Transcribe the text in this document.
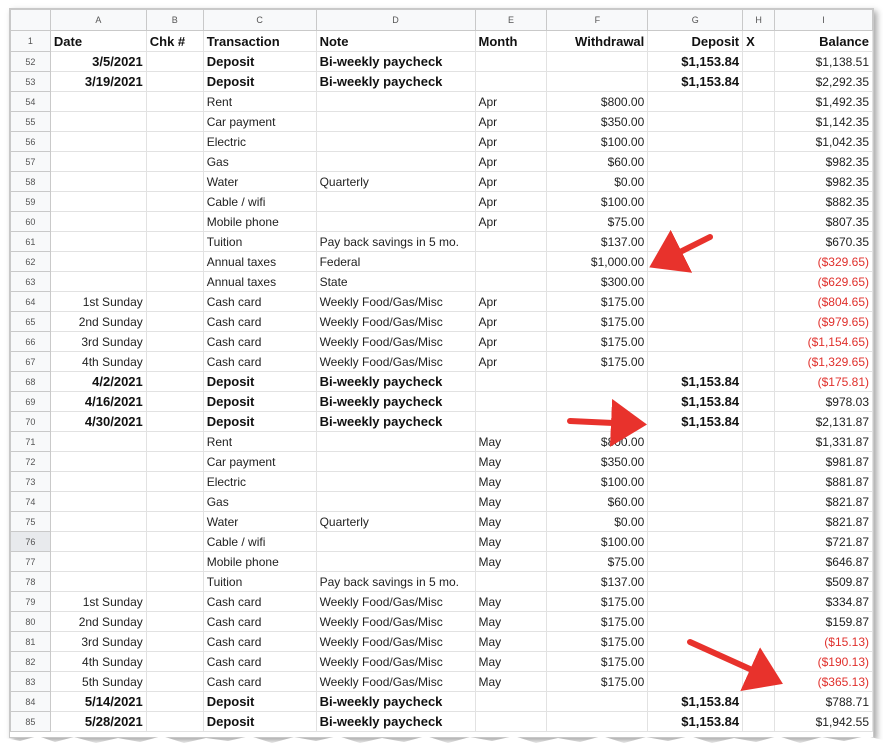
	A	B	C	D	E	F	G	H	I
1	Date	Chk #	Transaction	Note	Month	Withdrawal	Deposit	X	Balance
52	3/5/2021		Deposit	Bi-weekly paycheck			$1,153.84		$1,138.51
53	3/19/2021		Deposit	Bi-weekly paycheck			$1,153.84		$2,292.35
54			Rent		Apr	$800.00			$1,492.35
55			Car payment		Apr	$350.00			$1,142.35
56			Electric		Apr	$100.00			$1,042.35
57			Gas		Apr	$60.00			$982.35
58			Water	Quarterly	Apr	$0.00			$982.35
59			Cable / wifi		Apr	$100.00			$882.35
60			Mobile phone		Apr	$75.00			$807.35
61			Tuition	Pay back savings in 5 mo.		$137.00			$670.35
62			Annual taxes	Federal		$1,000.00			($329.65)
63			Annual taxes	State		$300.00			($629.65)
64	1st Sunday		Cash card	Weekly Food/Gas/Misc	Apr	$175.00			($804.65)
65	2nd Sunday		Cash card	Weekly Food/Gas/Misc	Apr	$175.00			($979.65)
66	3rd Sunday		Cash card	Weekly Food/Gas/Misc	Apr	$175.00			($1,154.65)
67	4th Sunday		Cash card	Weekly Food/Gas/Misc	Apr	$175.00			($1,329.65)
68	4/2/2021		Deposit	Bi-weekly paycheck			$1,153.84		($175.81)
69	4/16/2021		Deposit	Bi-weekly paycheck			$1,153.84		$978.03
70	4/30/2021		Deposit	Bi-weekly paycheck			$1,153.84		$2,131.87
71			Rent		May	$800.00			$1,331.87
72			Car payment		May	$350.00			$981.87
73			Electric		May	$100.00			$881.87
74			Gas		May	$60.00			$821.87
75			Water	Quarterly	May	$0.00			$821.87
76			Cable / wifi		May	$100.00			$721.87
77			Mobile phone		May	$75.00			$646.87
78			Tuition	Pay back savings in 5 mo.		$137.00			$509.87
79	1st Sunday		Cash card	Weekly Food/Gas/Misc	May	$175.00			$334.87
80	2nd Sunday		Cash card	Weekly Food/Gas/Misc	May	$175.00			$159.87
81	3rd Sunday		Cash card	Weekly Food/Gas/Misc	May	$175.00			($15.13)
82	4th Sunday		Cash card	Weekly Food/Gas/Misc	May	$175.00			($190.13)
83	5th Sunday		Cash card	Weekly Food/Gas/Misc	May	$175.00			($365.13)
84	5/14/2021		Deposit	Bi-weekly paycheck			$1,153.84		$788.71
85	5/28/2021		Deposit	Bi-weekly paycheck			$1,153.84		$1,942.55
